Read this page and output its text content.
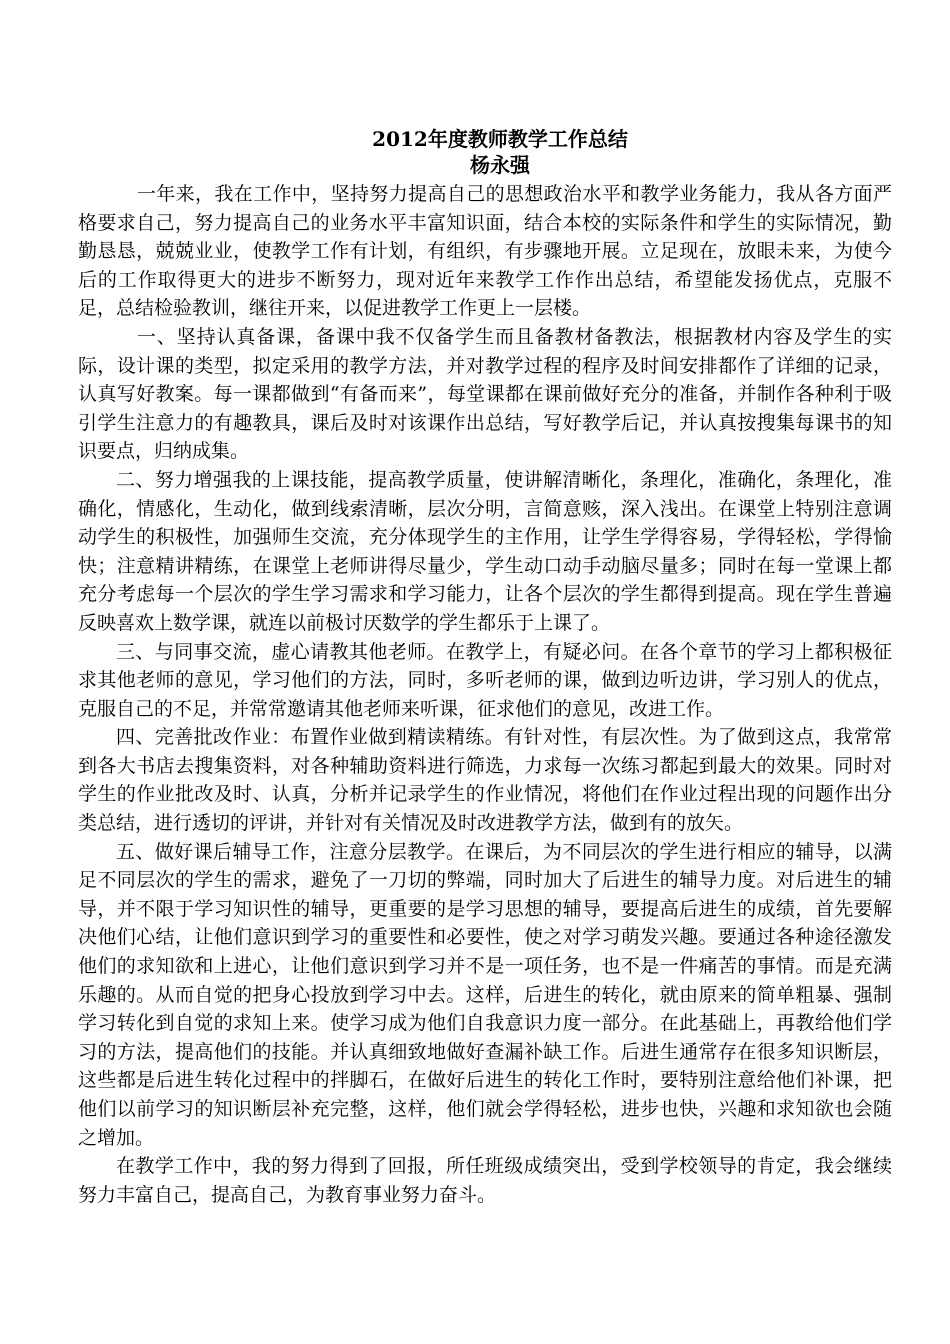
2012年度教师教学工作总结
杨永强

一年来，我在工作中，坚持努力提高自己的思想政治水平和教学业务能力，我从各方面严格要求自己，努力提高自己的业务水平丰富知识面，结合本校的实际条件和学生的实际情况，勤勤恳恳，兢兢业业，使教学工作有计划，有组织，有步骤地开展。立足现在，放眼未来，为使今后的工作取得更大的进步不断努力，现对近年来教学工作作出总结，希望能发扬优点，克服不足，总结检验教训，继往开来，以促进教学工作更上一层楼。

一、坚持认真备课，备课中我不仅备学生而且备教材备教法，根据教材内容及学生的实际，设计课的类型，拟定采用的教学方法，并对教学过程的程序及时间安排都作了详细的记录，认真写好教案。每一课都做到“有备而来”，每堂课都在课前做好充分的准备，并制作各种利于吸引学生注意力的有趣教具，课后及时对该课作出总结，写好教学后记，并认真按搜集每课书的知识要点，归纳成集。

二、努力增强我的上课技能，提高教学质量，使讲解清晰化，条理化，准确化，条理化，准确化，情感化，生动化，做到线索清晰，层次分明，言简意赅，深入浅出。在课堂上特别注意调动学生的积极性，加强师生交流，充分体现学生的主作用，让学生学得容易，学得轻松，学得愉快；注意精讲精练，在课堂上老师讲得尽量少，学生动口动手动脑尽量多；同时在每一堂课上都充分考虑每一个层次的学生学习需求和学习能力，让各个层次的学生都得到提高。现在学生普遍反映喜欢上数学课，就连以前极讨厌数学的学生都乐于上课了。

三、与同事交流，虚心请教其他老师。在教学上，有疑必问。在各个章节的学习上都积极征求其他老师的意见，学习他们的方法，同时，多听老师的课，做到边听边讲，学习别人的优点，克服自己的不足，并常常邀请其他老师来听课，征求他们的意见，改进工作。

四、完善批改作业：布置作业做到精读精练。有针对性，有层次性。为了做到这点，我常常到各大书店去搜集资料，对各种辅助资料进行筛选，力求每一次练习都起到最大的效果。同时对学生的作业批改及时、认真，分析并记录学生的作业情况，将他们在作业过程出现的问题作出分类总结，进行透切的评讲，并针对有关情况及时改进教学方法，做到有的放矢。

五、做好课后辅导工作，注意分层教学。在课后，为不同层次的学生进行相应的辅导，以满足不同层次的学生的需求，避免了一刀切的弊端，同时加大了后进生的辅导力度。对后进生的辅导，并不限于学习知识性的辅导，更重要的是学习思想的辅导，要提高后进生的成绩，首先要解决他们心结，让他们意识到学习的重要性和必要性，使之对学习萌发兴趣。要通过各种途径激发他们的求知欲和上进心，让他们意识到学习并不是一项任务，也不是一件痛苦的事情。而是充满乐趣的。从而自觉的把身心投放到学习中去。这样，后进生的转化，就由原来的简单粗暴、强制学习转化到自觉的求知上来。使学习成为他们自我意识力度一部分。在此基础上，再教给他们学习的方法，提高他们的技能。并认真细致地做好查漏补缺工作。后进生通常存在很多知识断层，这些都是后进生转化过程中的拌脚石，在做好后进生的转化工作时，要特别注意给他们补课，把他们以前学习的知识断层补充完整，这样，他们就会学得轻松，进步也快，兴趣和求知欲也会随之增加。

在教学工作中，我的努力得到了回报，所任班级成绩突出，受到学校领导的肯定，我会继续努力丰富自己，提高自己，为教育事业努力奋斗。
